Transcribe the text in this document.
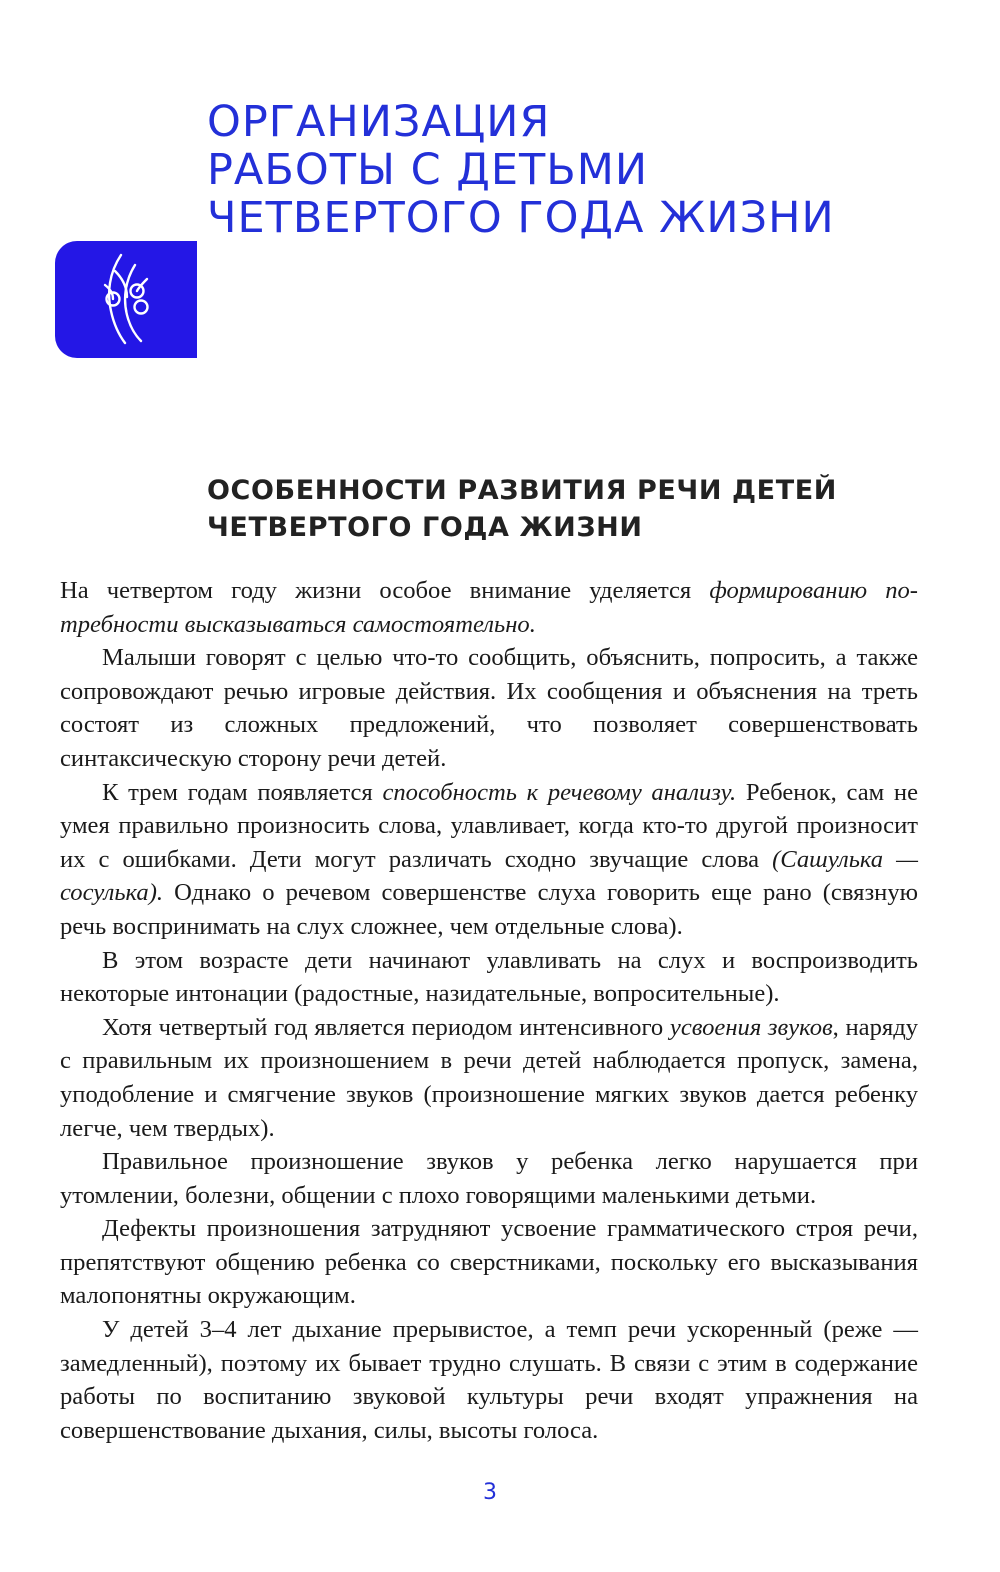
ОРГАНИЗАЦИЯ
РАБОТЫ С ДЕТЬМИ
ЧЕТВЕРТОГО ГОДА ЖИЗНИ
ОСОБЕННОСТИ РАЗВИТИЯ РЕЧИ ДЕТЕЙ
ЧЕТВЕРТОГО ГОДА ЖИЗНИ

На четвертом году жизни особое внимание уделяется формированию потребности высказываться самостоятельно.

Малыши говорят с целью что-то сообщить, объяснить, попросить, а также сопровождают речью игровые действия. Их сообщения и объяснения на треть состоят из сложных предложений, что позволяет совершенствовать синтаксическую сторону речи детей.

К трем годам появляется способность к речевому анализу. Ребенок, сам не умея правильно произносить слова, улавливает, когда кто-то другой произносит их с ошибками. Дети могут различать сходно звучащие слова (Сашулька — сосулька). Однако о речевом совершенстве слуха говорить еще рано (связную речь воспринимать на слух сложнее, чем отдельные слова).

В этом возрасте дети начинают улавливать на слух и воспроизводить некоторые интонации (радостные, назидательные, вопросительные).

Хотя четвертый год является периодом интенсивного усвоения звуков, наряду с правильным их произношением в речи детей наблюдается пропуск, замена, уподобление и смягчение звуков (произношение мягких звуков дается ребенку легче, чем твердых).

Правильное произношение звуков у ребенка легко нарушается при утомлении, болезни, общении с плохо говорящими маленькими детьми.

Дефекты произношения затрудняют усвоение грамматического строя речи, препятствуют общению ребенка со сверстниками, поскольку его высказывания малопонятны окружающим.

У детей 3–4 лет дыхание прерывистое, а темп речи ускоренный (реже — замедленный), поэтому их бывает трудно слушать. В связи с этим в содержание работы по воспитанию звуковой культуры речи входят упражнения на совершенствование дыхания, силы, высоты голоса.

3
